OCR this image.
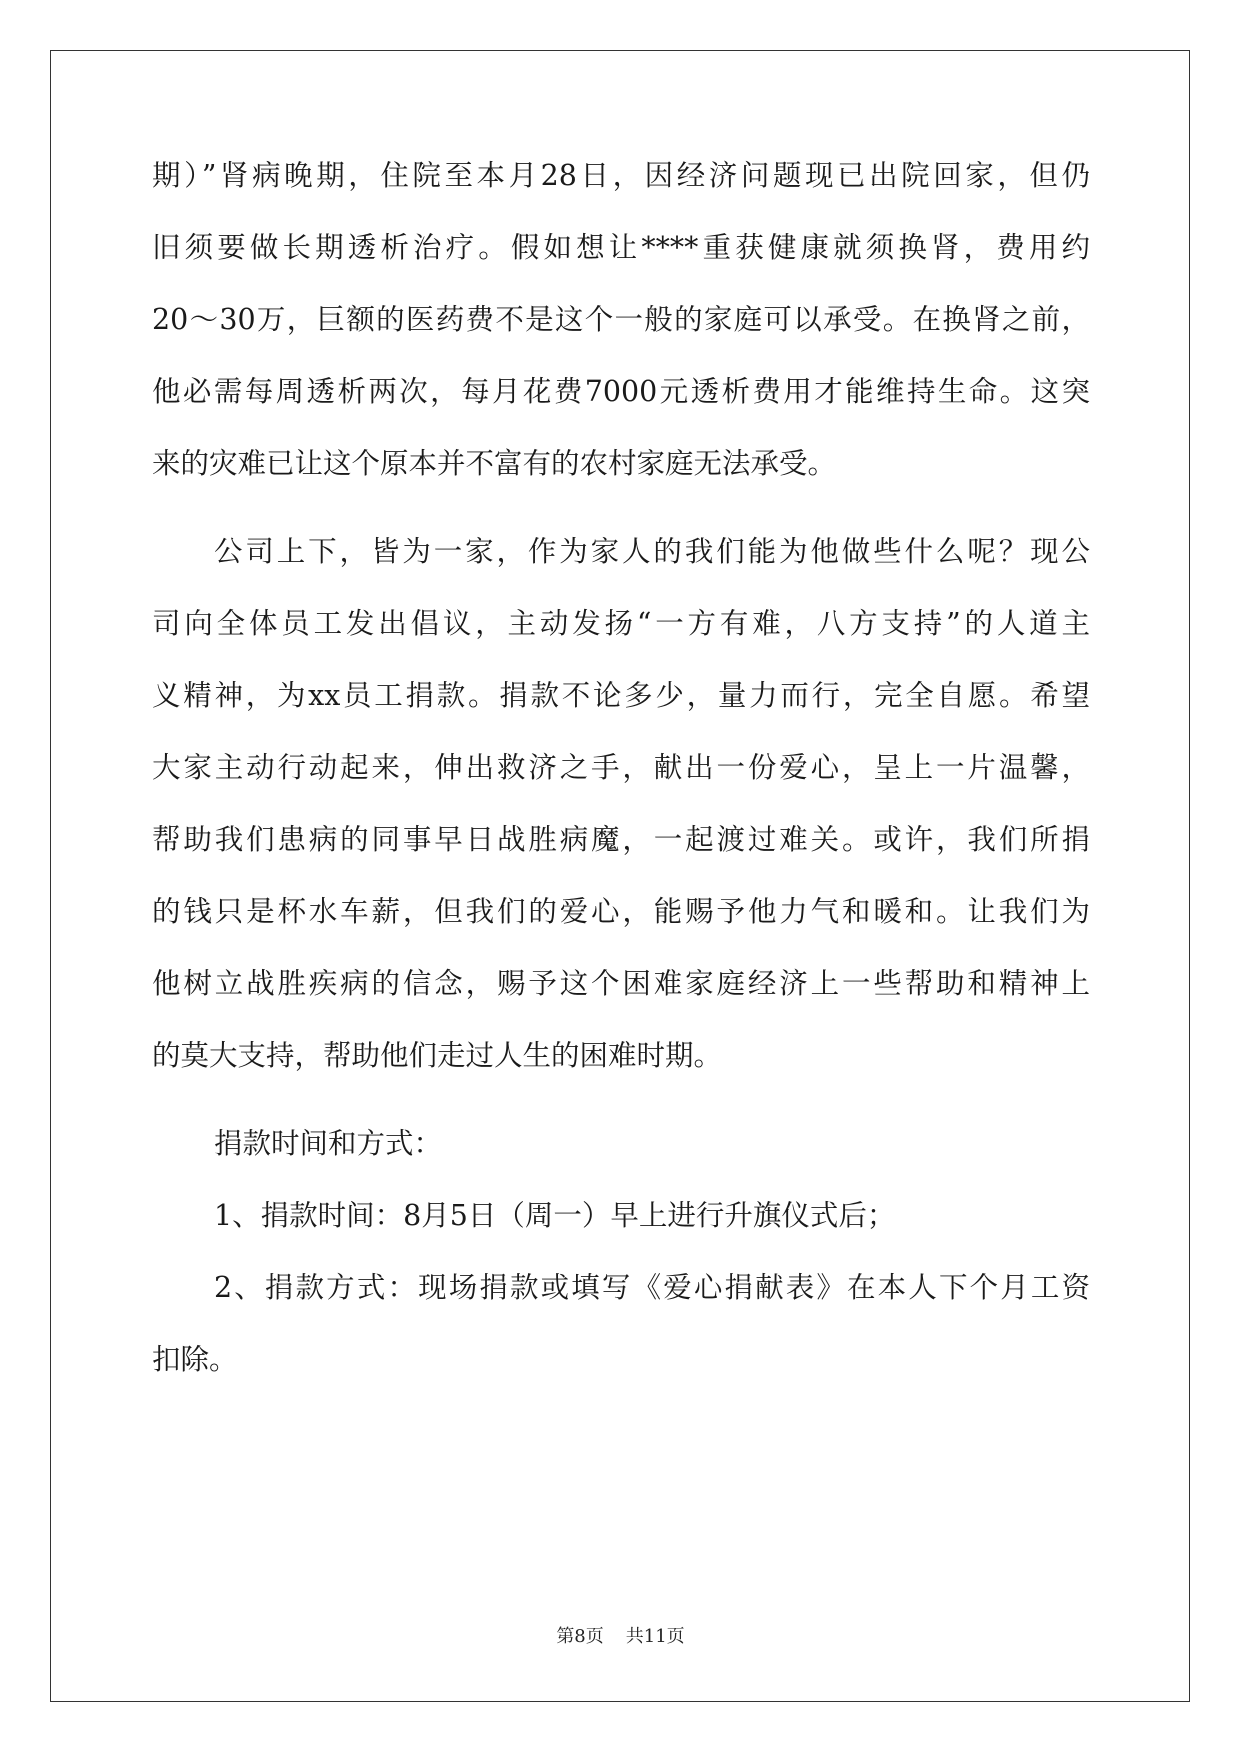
期）”肾病晚期，住院至本月28日，因经济问题现已出院回家，但仍
旧须要做长期透析治疗。假如想让****重获健康就须换肾，费用约
20～30万，巨额的医药费不是这个一般的家庭可以承受。在换肾之前，
他必需每周透析两次，每月花费7000元透析费用才能维持生命。这突
来的灾难已让这个原本并不富有的农村家庭无法承受。
公司上下，皆为一家，作为家人的我们能为他做些什么呢？现公
司向全体员工发出倡议，主动发扬“一方有难，八方支持”的人道主
义精神，为xx员工捐款。捐款不论多少，量力而行，完全自愿。希望
大家主动行动起来，伸出救济之手，献出一份爱心，呈上一片温馨，
帮助我们患病的同事早日战胜病魔，一起渡过难关。或许，我们所捐
的钱只是杯水车薪，但我们的爱心，能赐予他力气和暖和。让我们为
他树立战胜疾病的信念，赐予这个困难家庭经济上一些帮助和精神上
的莫大支持，帮助他们走过人生的困难时期。
捐款时间和方式：
1、捐款时间：8月5日（周一）早上进行升旗仪式后；
2、捐款方式：现场捐款或填写《爱心捐献表》在本人下个月工资
扣除。
第8页 共11页
